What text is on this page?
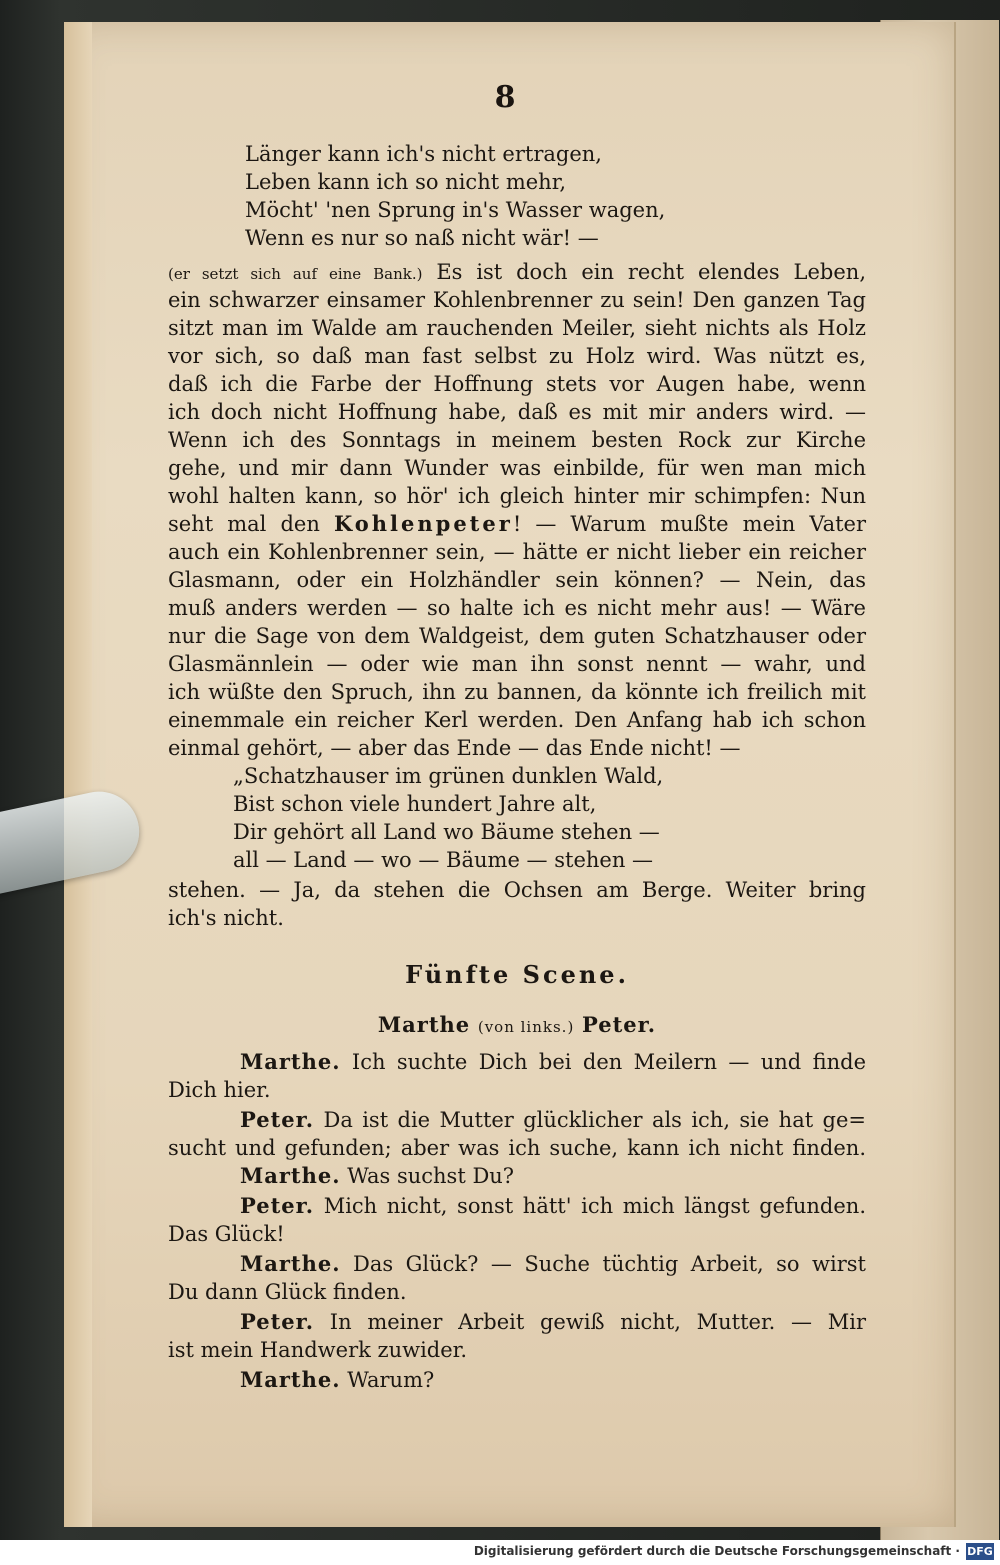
8
Länger kann ich's nicht ertragen,
Leben kann ich so nicht mehr,
Möcht' 'nen Sprung in's Wasser wagen,
Wenn es nur so naß nicht wär! —
(er setzt sich auf eine Bank.) Es ist doch ein recht elendes Leben,
ein schwarzer einsamer Kohlenbrenner zu sein! Den ganzen Tag
sitzt man im Walde am rauchenden Meiler, sieht nichts als Holz
vor sich, so daß man fast selbst zu Holz wird. Was nützt es,
daß ich die Farbe der Hoffnung stets vor Augen habe, wenn
ich doch nicht Hoffnung habe, daß es mit mir anders wird. —
Wenn ich des Sonntags in meinem besten Rock zur Kirche
gehe, und mir dann Wunder was einbilde, für wen man mich
wohl halten kann, so hör' ich gleich hinter mir schimpfen: Nun
seht mal den Kohlenpeter! — Warum mußte mein Vater
auch ein Kohlenbrenner sein, — hätte er nicht lieber ein reicher
Glasmann, oder ein Holzhändler sein können? — Nein, das
muß anders werden — so halte ich es nicht mehr aus! — Wäre
nur die Sage von dem Waldgeist, dem guten Schatzhauser oder
Glasmännlein — oder wie man ihn sonst nennt — wahr, und
ich wüßte den Spruch, ihn zu bannen, da könnte ich freilich mit
einemmale ein reicher Kerl werden. Den Anfang hab ich schon
einmal gehört, — aber das Ende — das Ende nicht! —
„Schatzhauser im grünen dunklen Wald,
Bist schon viele hundert Jahre alt,
Dir gehört all Land wo Bäume stehen —
all — Land — wo — Bäume — stehen —
stehen. — Ja, da stehen die Ochsen am Berge. Weiter bring
ich's nicht.
Fünfte Scene.
Marthe (von links.) Peter.
Marthe. Ich suchte Dich bei den Meilern — und finde
Dich hier.
Peter. Da ist die Mutter glücklicher als ich, sie hat ge=
sucht und gefunden; aber was ich suche, kann ich nicht finden.
Marthe. Was suchst Du?
Peter. Mich nicht, sonst hätt' ich mich längst gefunden.
Das Glück!
Marthe. Das Glück? — Suche tüchtig Arbeit, so wirst
Du dann Glück finden.
Peter. In meiner Arbeit gewiß nicht, Mutter. — Mir
ist mein Handwerk zuwider.
Marthe. Warum?
Digitalisierung gefördert durch die Deutsche Forschungsgemeinschaft · DFG
